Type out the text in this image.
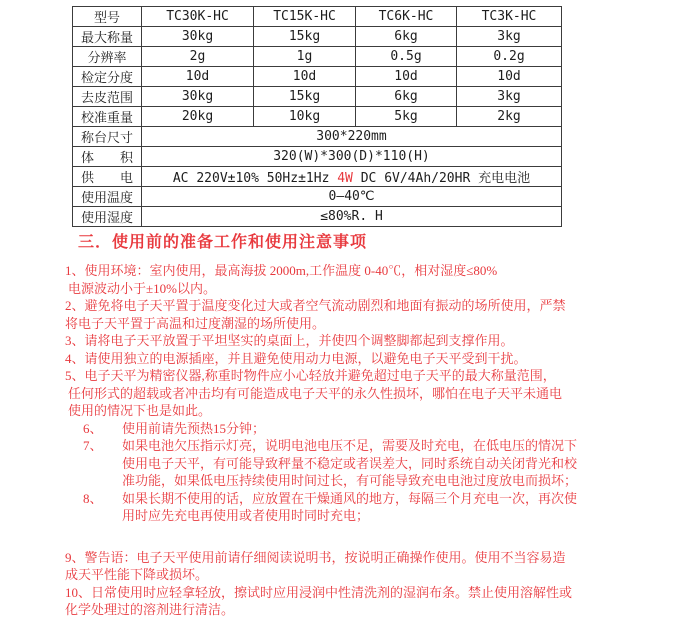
型号	TC30K-HC	TC15K-HC	TC6K-HC	TC3K-HC
最大称量	30kg	15kg	6kg	3kg
分辨率	2g	1g	0.5g	0.2g
检定分度	10d	10d	10d	10d
去皮范围	30kg	15kg	6kg	3kg
校准重量	20kg	10kg	5kg	2kg
称台尺寸	300*220mm			
体　　积	320(W)*300(D)*110(H)			
供　　电	AC 220V±10% 50Hz±1Hz 4W DC 6V/4Ah/20HR 充电电池			
使用温度	0—40℃			
使用湿度	≤80%R. H			
三．使用前的准备工作和使用注意事项

1、使用环境：室内使用，最高海拔 2000m,工作温度 0-40℃，相对湿度≤80%
电源波动小于±10%以内。

2、避免将电子天平置于温度变化过大或者空气流动剧烈和地面有振动的场所使用，严禁
将电子天平置于高温和过度潮湿的场所使用。

3、请将电子天平放置于平坦坚实的桌面上，并使四个调整脚都起到支撑作用。

4、请使用独立的电源插座，并且避免使用动力电源，以避免电子天平受到干扰。

5、电子天平为精密仪器,称重时物件应小心轻放并避免超过电子天平的最大称量范围，
任何形式的超载或者冲击均有可能造成电子天平的永久性损坏，哪怕在电子天平未通电
使用的情况下也是如此。

6、 使用前请先预热15分钟；

7、 如果电池欠压指示灯亮，说明电池电压不足，需要及时充电，在低电压的情况下
使用电子天平，有可能导致秤量不稳定或者误差大，同时系统自动关闭背光和校
准功能，如果低电压持续使用时间过长，有可能导致充电电池过度放电而损坏；

8、 如果长期不使用的话，应放置在干燥通风的地方，每隔三个月充电一次，再次使
用时应先充电再使用或者使用时同时充电；

9、警告语：电子天平使用前请仔细阅读说明书，按说明正确操作使用。使用不当容易造
成天平性能下降或损坏。

10、日常使用时应轻拿轻放，擦试时应用浸润中性清洗剂的湿润布条。禁止使用溶解性或
化学处理过的溶剂进行清洁。
